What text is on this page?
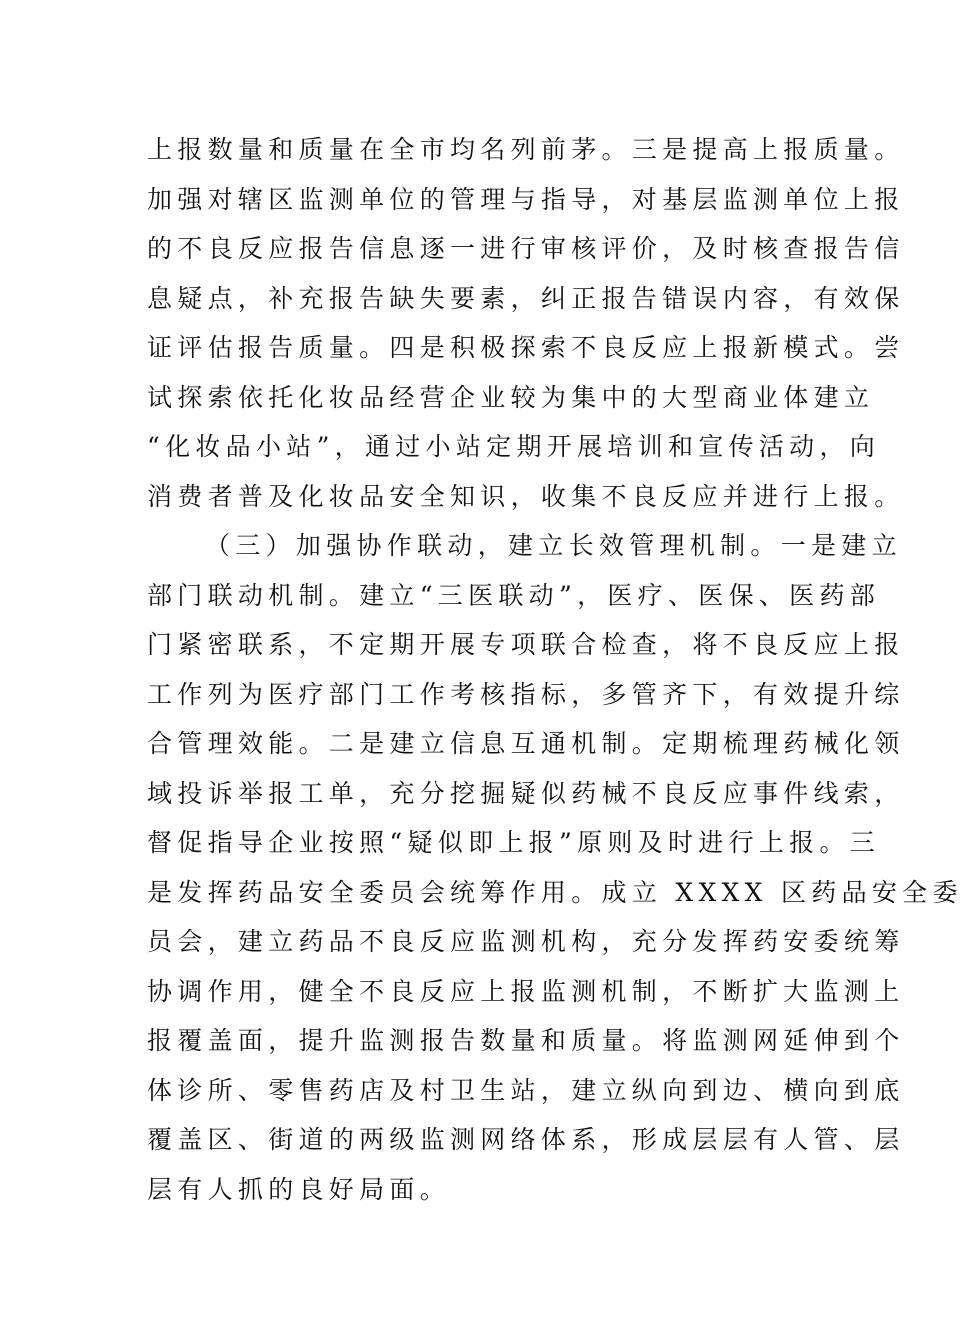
上报数量和质量在全市均名列前茅。三是提高上报质量。
加强对辖区监测单位的管理与指导，对基层监测单位上报
的不良反应报告信息逐一进行审核评价，及时核查报告信
息疑点，补充报告缺失要素，纠正报告错误内容，有效保
证评估报告质量。四是积极探索不良反应上报新模式。尝
试探索依托化妆品经营企业较为集中的大型商业体建立
“化妆品小站”，通过小站定期开展培训和宣传活动，向
消费者普及化妆品安全知识，收集不良反应并进行上报。
（三）加强协作联动，建立长效管理机制。一是建立
部门联动机制。建立“三医联动”，医疗、医保、医药部
门紧密联系，不定期开展专项联合检查，将不良反应上报
工作列为医疗部门工作考核指标，多管齐下，有效提升综
合管理效能。二是建立信息互通机制。定期梳理药械化领
域投诉举报工单，充分挖掘疑似药械不良反应事件线索，
督促指导企业按照“疑似即上报”原则及时进行上报。三
是发挥药品安全委员会统筹作用。成立 XXXX 区药品安全委
员会，建立药品不良反应监测机构，充分发挥药安委统筹
协调作用，健全不良反应上报监测机制，不断扩大监测上
报覆盖面，提升监测报告数量和质量。将监测网延伸到个
体诊所、零售药店及村卫生站，建立纵向到边、横向到底
覆盖区、街道的两级监测网络体系，形成层层有人管、层
层有人抓的良好局面。
